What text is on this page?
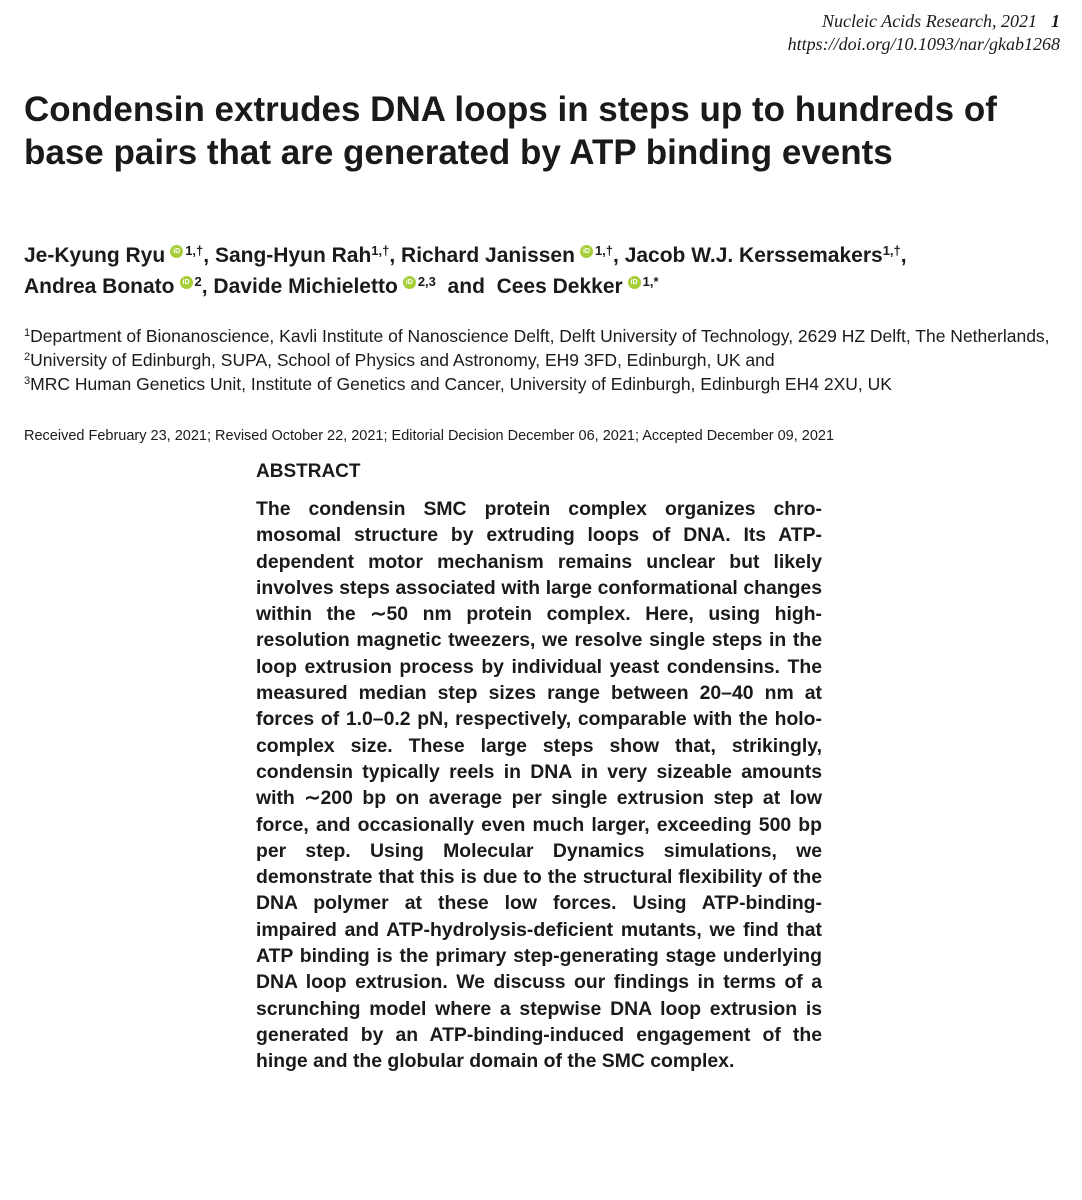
Nucleic Acids Research, 2021 1
https://doi.org/10.1093/nar/gkab1268
Condensin extrudes DNA loops in steps up to hundreds of base pairs that are generated by ATP binding events
Je-Kyung Ryu iD $^{1,\dagger}$, Sang-Hyun Rah$^{1,\dagger}$, Richard Janissen iD $^{1,\dagger}$, Jacob W.J. Kerssemakers$^{1,\dagger}$,
Andrea Bonato iD $^2$, Davide Michieletto iD $^{2,3}$  and  Cees Dekker iD $^{1,*}$
$^1$Department of Bionanoscience, Kavli Institute of Nanoscience Delft, Delft University of Technology, 2629 HZ Delft, The Netherlands, $^2$University of Edinburgh, SUPA, School of Physics and Astronomy, EH9 3FD, Edinburgh, UK and
$^3$MRC Human Genetics Unit, Institute of Genetics and Cancer, University of Edinburgh, Edinburgh EH4 2XU, UK
Received February 23, 2021; Revised October 22, 2021; Editorial Decision December 06, 2021; Accepted December 09, 2021
ABSTRACT

The condensin SMC protein complex organizes chromosomal structure by extruding loops of DNA. Its ATP-dependent motor mechanism remains unclear but likely involves steps associated with large conformational changes within the ∼50 nm protein complex. Here, using high-resolution magnetic tweezers, we resolve single steps in the loop extrusion process by individual yeast condensins. The measured median step sizes range between 20–40 nm at forces of 1.0–0.2 pN, respectively, comparable with the holocomplex size. These large steps show that, strikingly, condensin typically reels in DNA in very sizeable amounts with ∼200 bp on average per single extrusion step at low force, and occasionally even much larger, exceeding 500 bp per step. Using Molecular Dynamics simulations, we demonstrate that this is due to the structural flexibility of the DNA polymer at these low forces. Using ATP-binding-impaired and ATP-hydrolysis-deficient mutants, we find that ATP binding is the primary step-generating stage underlying DNA loop extrusion. We discuss our findings in terms of a scrunching model where a stepwise DNA loop extrusion is generated by an ATP-binding-induced engagement of the hinge and the globular domain of the SMC complex.
